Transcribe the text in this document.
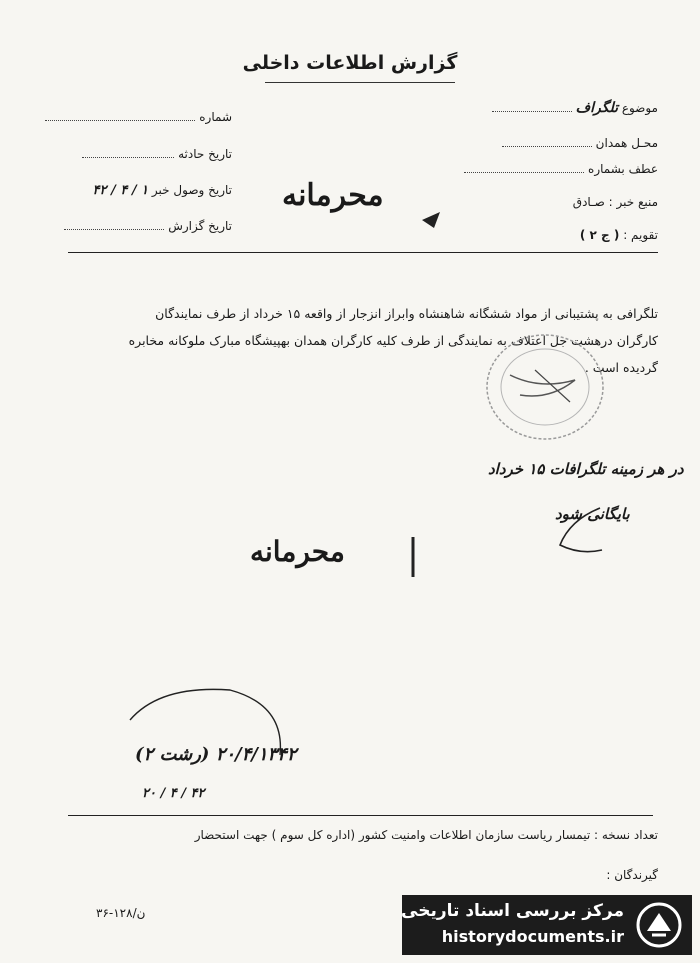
گزارش اطلاعات داخلی
شماره
تاریخ حادثه
تاریخ وصول خبر ۱ / ۴ / ۴۲
تاریخ گزارش
موضوع تلگراف
محـل همدان
عطف بشماره
منبع خبر : صـادق
تقویم : ( ج ۲ )
محرمانه
تلگرافی به پشتیبانی از مواد ششگانه شاهنشاه وابراز انزجار از واقعه ۱۵ خرداد از طرف نمایندگان
کارگران درهشت جل اعتلاف به نمایندگی از طرف کلیه کارگران همدان بهپیشگاه مبارک ملوکانه مخابره
گردیده است .
در هر زمینه تلگرافات ۱۵ خرداد
بایگانی شود
محرمانه
۲۰/۴/۱۳۴۲ (رشت ۲)
۲۰ / ۴ / ۴۲
تعداد نسخه : تیمسار ریاست سازمان اطلاعات وامنیت کشور (اداره کل سوم ) جهت استحضار
گیرندگان :
ن/۱۲۸-۳۶	مرکز بررسی اسناد تاریخی
historydocuments.ir
